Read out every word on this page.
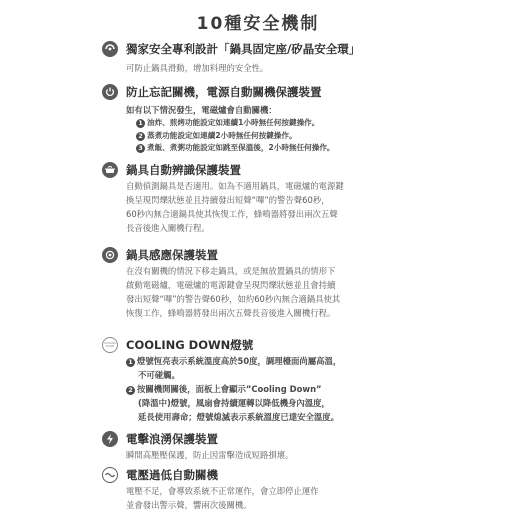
10種安全機制
獨家安全專利設計「鍋具固定座/矽晶安全環」

可防止鍋具滑動，增加料理的安全性。

防止忘記關機，電源自動關機保護裝置

如有以下情況發生，電磁爐會自動關機：

1 油炸、煎烤功能設定如連續1小時無任何按鍵操作。

2 蒸煮功能設定如連續2小時無任何按鍵操作。

3 煮飯、煮粥功能設定如跳至保溫後，2小時無任何操作。

鍋具自動辨識保護裝置

自動偵測鍋具是否適用。如為不適用鍋具，電磁爐的電源鍵

換呈現閃爍狀態並且持續發出短聲“嗶”的警告聲60秒，

60秒內無合適鍋具使其恢復工作，蜂鳴器將發出兩次五聲

長音後進入關機行程。

鍋具感應保護裝置

在沒有關機的情況下移走鍋具，或是無放置鍋具的情形下

啟動電磁爐，電磁爐的電源鍵會呈現閃爍狀態並且會持續

發出短聲“嗶”的警告聲60秒，如約60秒內無合適鍋具使其

恢復工作，蜂鳴器將發出兩次五聲長音後進入關機行程。

COOLING DOWN COOLING DOWN燈號

1 燈號恆亮表示系統溫度高於50度，調理檯面尚屬高溫，

不可碰觸。

2 按關機開關後，面板上會顯示”Cooling Down”

(降溫中)燈號，風扇會持續運轉以降低機身內溫度，

延長使用壽命；燈號熄滅表示系統溫度已達安全溫度。

電擊浪湧保護裝置

瞬間高壓壓保護，防止因雷擊造成短路損壞。

電壓過低自動關機

電壓不足，會導致系統不正常運作，會立即停止運作

並會發出警示聲，響兩次後關機。
